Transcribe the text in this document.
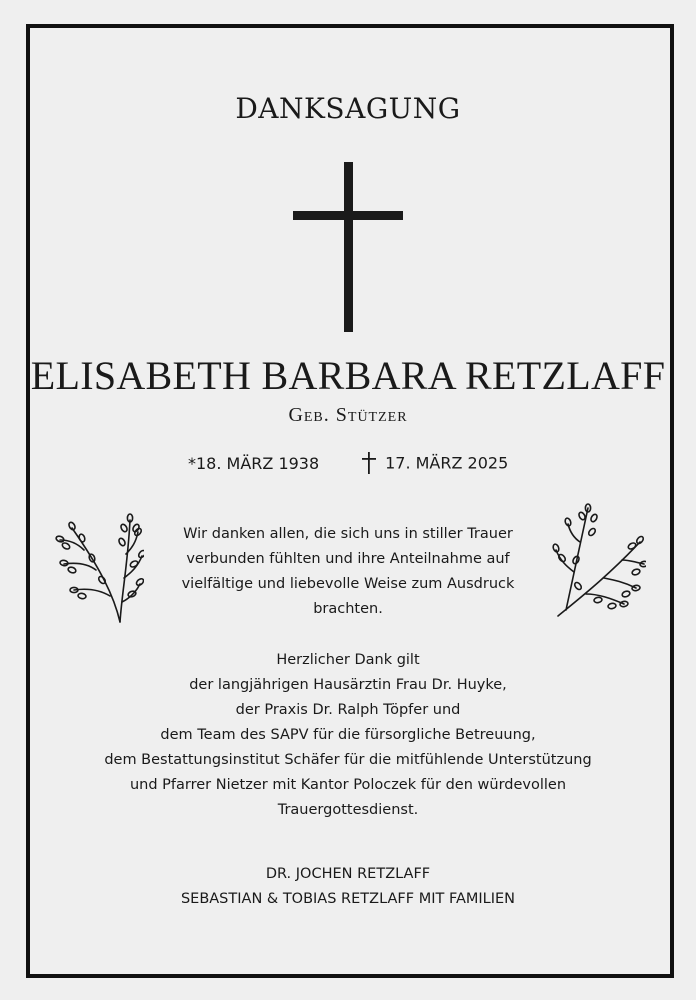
DANKSAGUNG
ELISABETH BARBARA RETZLAFF
Geb. Stützer
*18. MÄRZ 1938	17. MÄRZ 2025
Wir danken allen, die sich uns in stiller Trauer
verbunden fühlten und ihre Anteilnahme auf
vielfältige und liebevolle Weise zum Ausdruck
brachten.
Herzlicher Dank gilt
der langjährigen Hausärztin Frau Dr. Huyke,
der Praxis Dr. Ralph Töpfer und
dem Team des SAPV für die fürsorgliche Betreuung,
dem Bestattungsinstitut Schäfer für die mitfühlende Unterstützung
und Pfarrer Nietzer mit Kantor Poloczek für den würdevollen
Trauergottesdienst.
DR. JOCHEN RETZLAFF
SEBASTIAN & TOBIAS RETZLAFF MIT FAMILIEN
